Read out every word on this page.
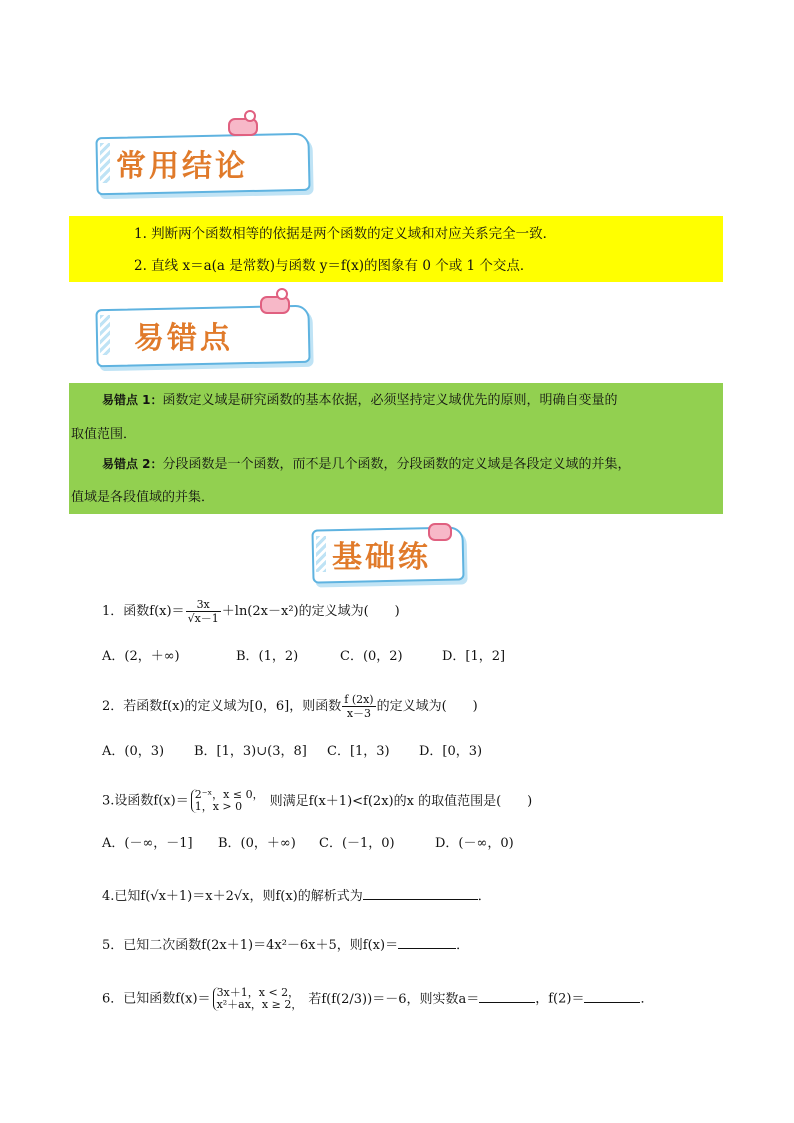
常用结论
1. 判断两个函数相等的依据是两个函数的定义域和对应关系完全一致．
2. 直线 x＝a(a 是常数)与函数 y＝f(x)的图象有 0 个或 1 个交点．
易错点
易错点 1：函数定义域是研究函数的基本依据，必须坚持定义域优先的原则，明确自变量的
取值范围．
易错点 2：分段函数是一个函数，而不是几个函数，分段函数的定义域是各段定义域的并集，
值域是各段值域的并集．
基础练
1．函数$f(x)= \frac{3x}{√x-1} +\ln(2x-x^2)$的定义域为(　　)
A．(2，＋∞)	B．(1，2)	C．(0，2)	D．[1，2]
2．若函数f(x)的定义域为[0，6]，则函数 $\frac{f (2x)}{x-3}$ 的定义域为(　　)
A．(0，3) B．[1，3)∪(3，8] C．[1，3) D．[0，3)
3.设函数f(x)＝ 2⁻ˣ，x ≤ 0，
1，x > 0	则满足f(x＋1)<f(2x)的x 的取值范围是(　　)
A．(－∞，－1] B．(0，＋∞) C．(－1，0)	D．(－∞，0)
4.已知f(√x＋1)＝x＋2√x，则f(x)的解析式为	．
5．已知二次函数f(2x＋1)＝4x²－6x＋5，则f(x)＝	．
6．已知函数f(x)＝ 3x＋1，x < 2，
x²＋ax，x ≥ 2， 若f(f(2/3))＝－6，则实数a＝	，f(2)＝	．
